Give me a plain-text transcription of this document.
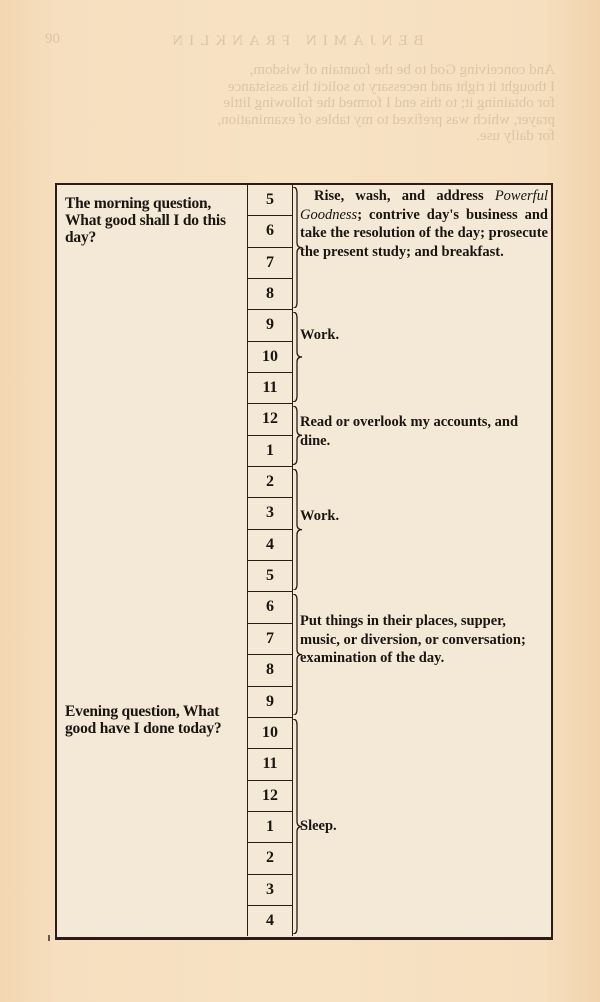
90	BENJAMIN FRANKLIN
And conceiving God to be the fountain of wisdom,
I thought it right and necessary to solicit his assistance
for obtaining it; to this end I formed the following little
prayer, which was prefixed to my tables of examination,
for daily use.
The morning question, What good shall I do this day?
Evening question, What good have I done today?
5
6
7
8
9
10
11
12
1
2
3
4
5
6
7
8
9
10
11
12
1
2
3
4
Rise, wash, and address Powerful Goodness; contrive day's business and take the resolution of the day; prosecute the present study; and breakfast.
Work.
Read or overlook my accounts, and dine.
Work.
Put things in their places, supper, music, or diversion, or conversation;
examination of the day.
Sleep.
